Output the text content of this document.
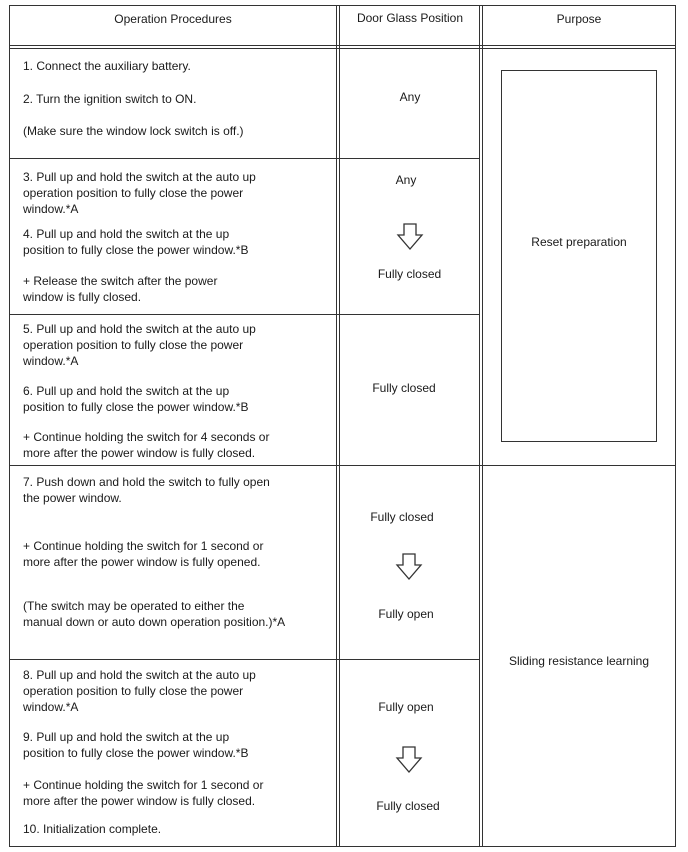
Operation Procedures	Door Glass Position	Purpose
1. Connect the auxiliary battery.
2. Turn the ignition switch to ON.
(Make sure the window lock switch is off.)
Any
3. Pull up and hold the switch at the auto up
operation position to fully close the power
window.*A
4. Pull up and hold the switch at the up
position to fully close the power window.*B
+ Release the switch after the power
window is fully closed.
Any
Fully closed
5. Pull up and hold the switch at the auto up
operation position to fully close the power
window.*A
6. Pull up and hold the switch at the up
position to fully close the power window.*B
+ Continue holding the switch for 4 seconds or
more after the power window is fully closed.
Fully closed
7. Push down and hold the switch to fully open
the power window.
+ Continue holding the switch for 1 second or
more after the power window is fully opened.
(The switch may be operated to either the
manual down or auto down operation position.)*A
Fully closed
Fully open
8. Pull up and hold the switch at the auto up
operation position to fully close the power
window.*A
9. Pull up and hold the switch at the up
position to fully close the power window.*B
+ Continue holding the switch for 1 second or
more after the power window is fully closed.
10. Initialization complete.
Fully open
Fully closed
Reset preparation
Sliding resistance learning
